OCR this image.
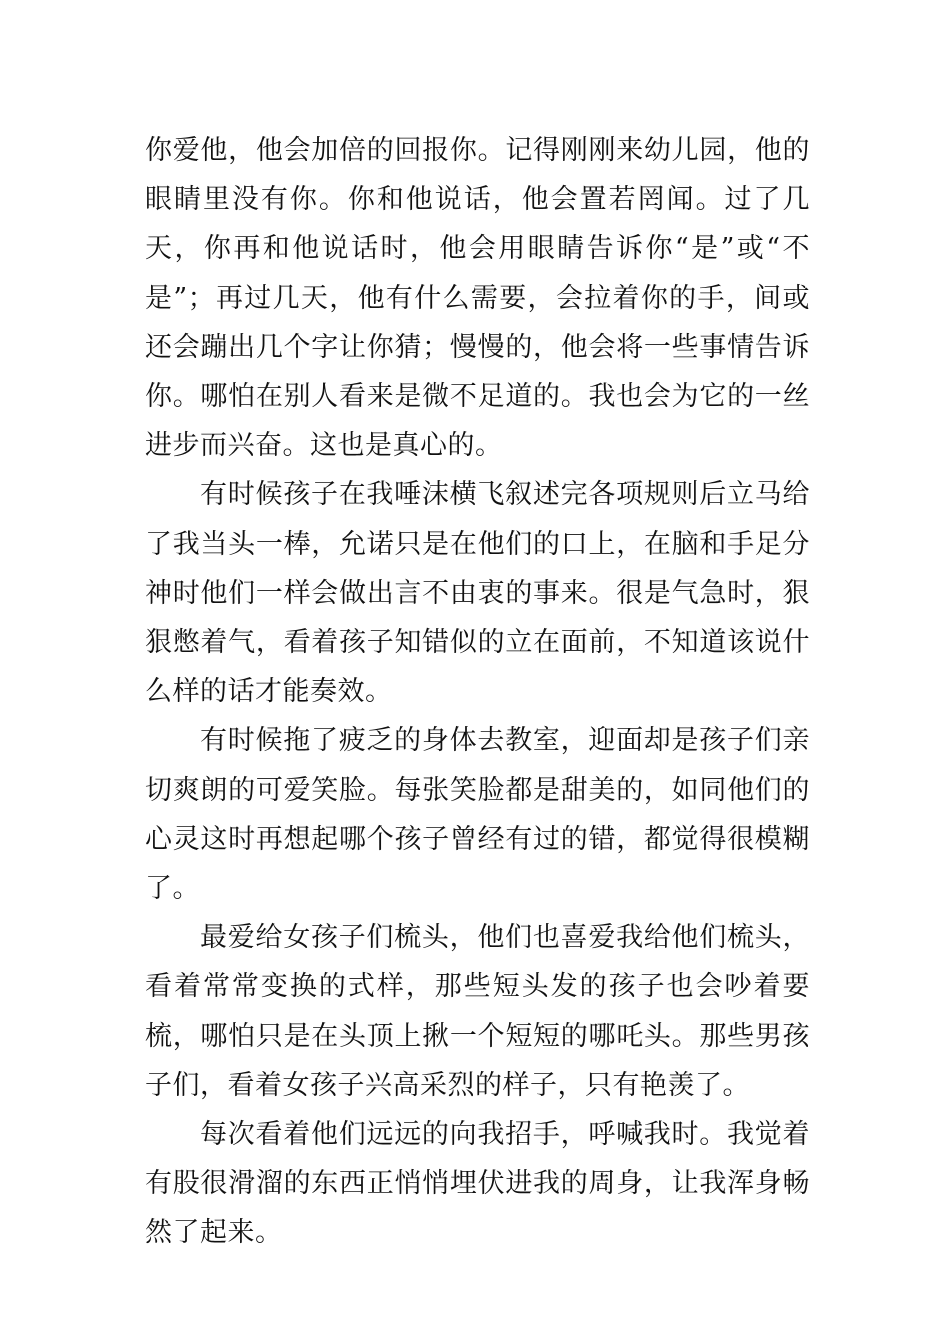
你爱他，他会加倍的回报你。记得刚刚来幼儿园，他的眼睛里没有你。你和他说话，他会置若罔闻。过了几天，你再和他说话时，他会用眼睛告诉你“是”或“不是”；再过几天，他有什么需要，会拉着你的手，间或还会蹦出几个字让你猜；慢慢的，他会将一些事情告诉你。哪怕在别人看来是微不足道的。我也会为它的一丝进步而兴奋。这也是真心的。

有时候孩子在我唾沫横飞叙述完各项规则后立马给了我当头一棒，允诺只是在他们的口上，在脑和手足分神时他们一样会做出言不由衷的事来。很是气急时，狠狠憋着气，看着孩子知错似的立在面前，不知道该说什么样的话才能奏效。

有时候拖了疲乏的身体去教室，迎面却是孩子们亲切爽朗的可爱笑脸。每张笑脸都是甜美的，如同他们的心灵这时再想起哪个孩子曾经有过的错，都觉得很模糊了。

最爱给女孩子们梳头，他们也喜爱我给他们梳头，看着常常变换的式样，那些短头发的孩子也会吵着要梳，哪怕只是在头顶上揪一个短短的哪吒头。那些男孩子们，看着女孩子兴高采烈的样子，只有艳羡了。

每次看着他们远远的向我招手，呼喊我时。我觉着有股很滑溜的东西正悄悄埋伏进我的周身，让我浑身畅然了起来。
